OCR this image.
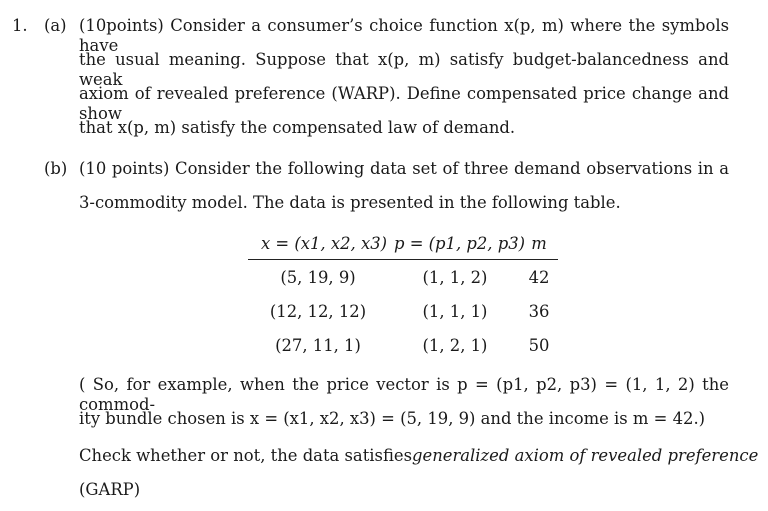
1. (a) (10points) Consider a consumer’s choice function x(p, m) where the symbols have
the usual meaning. Suppose that x(p, m) satisfy budget-balancedness and weak
axiom of revealed preference (WARP). Define compensated price change and show
that x(p, m) satisfy the compensated law of demand.
(b) (10 points) Consider the following data set of three demand observations in a
3-commodity model. The data is presented in the following table.
x = (x1, x2, x3) p = (p1, p2, p3) m
(5, 19, 9)	(1, 1, 2)	42
(12, 12, 12)	(1, 1, 1)	36
(27, 11, 1)	(1, 2, 1)	50
( So, for example, when the price vector is p = (p1, p2, p3) = (1, 1, 2) the commod-
ity bundle chosen is x = (x1, x2, x3) = (5, 19, 9) and the income is m = 42.)
Check whether or not, the data satisfies generalized axiom of revealed preference
(GARP)
